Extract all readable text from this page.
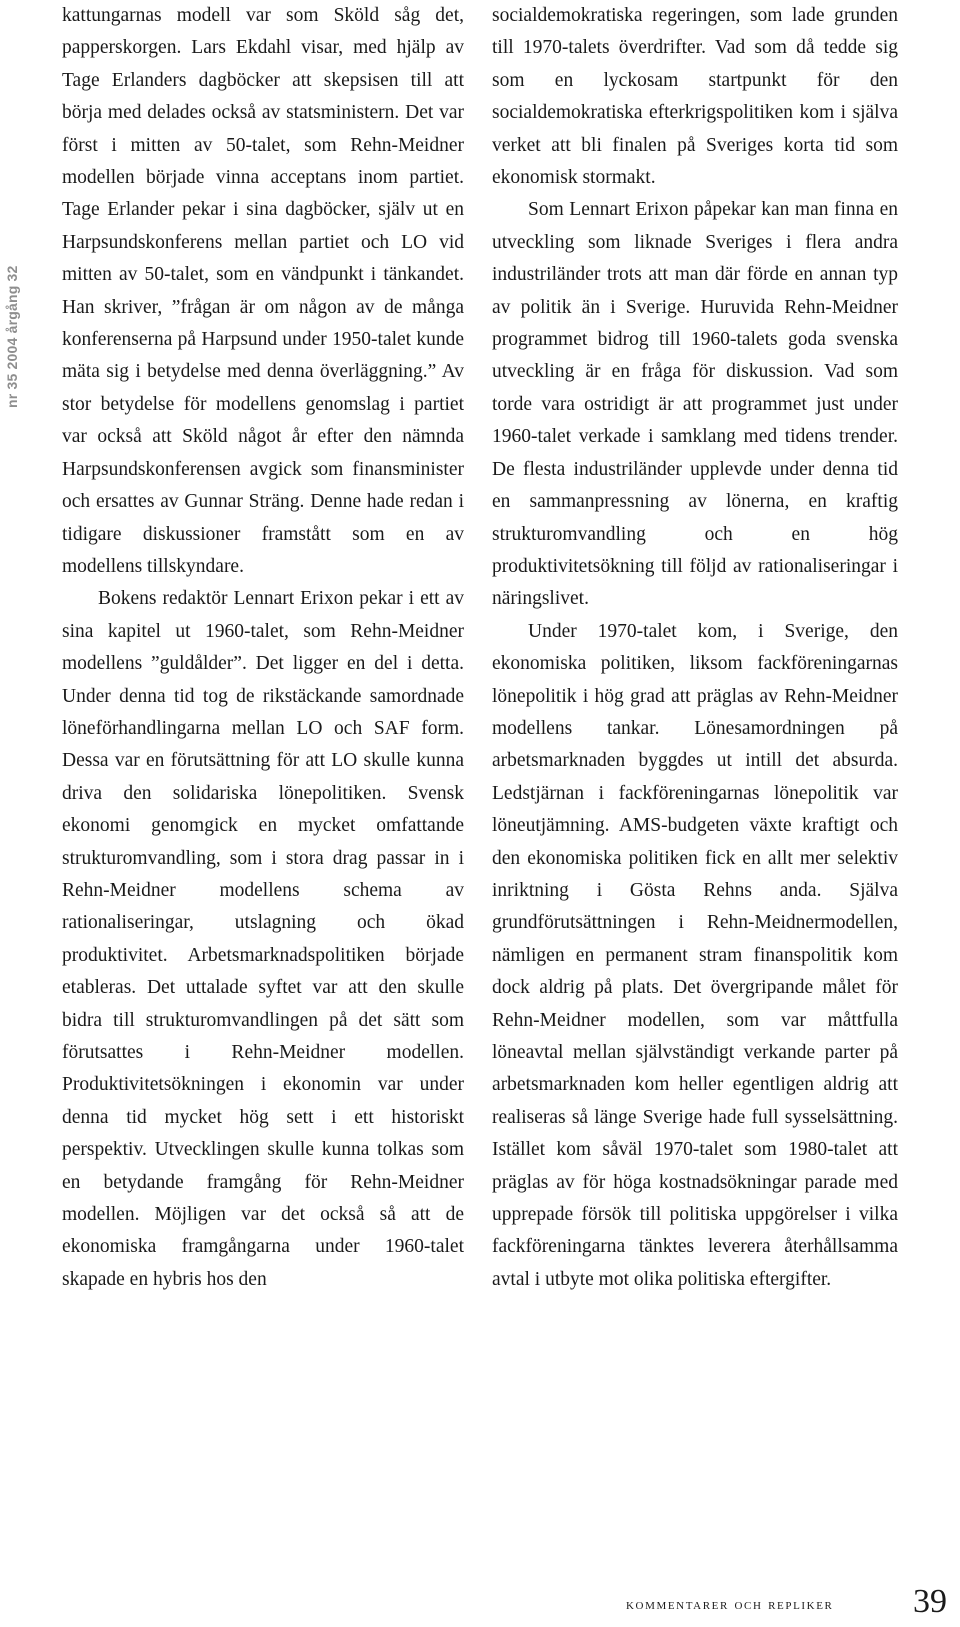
nr 35 2004 årgång 32

kattungarnas modell var som Sköld såg det, papperskorgen. Lars Ekdahl visar, med hjälp av Tage Erlanders dagböcker att skepsisen till att börja med delades också av statsministern. Det var först i mitten av 50-talet, som Rehn-Meidner modellen började vinna acceptans inom partiet. Tage Erlander pekar i sina dagböcker, själv ut en Harpsundskonferens mellan partiet och LO vid mitten av 50-talet, som en vändpunkt i tänkandet. Han skriver, ”frågan är om någon av de många konferenserna på Harpsund under 1950-talet kunde mäta sig i betydelse med denna överläggning.” Av stor betydelse för modellens genomslag i partiet var också att Sköld något år efter den nämnda Harpsundskonferensen avgick som finansminister och ersattes av Gunnar Sträng. Denne hade redan i tidigare diskussioner framstått som en av modellens tillskyndare.

Bokens redaktör Lennart Erixon pekar i ett av sina kapitel ut 1960-talet, som Rehn-Meidner modellens ”guldålder”. Det ligger en del i detta. Under denna tid tog de rikstäckande samordnade löneförhandlingarna mellan LO och SAF form. Dessa var en förutsättning för att LO skulle kunna driva den solidariska lönepolitiken. Svensk ekonomi genomgick en mycket omfattande strukturomvandling, som i stora drag passar in i Rehn-Meidner modellens schema av rationaliseringar, utslagning och ökad produktivitet. Arbetsmarknadspolitiken började etableras. Det uttalade syftet var att den skulle bidra till strukturomvandlingen på det sätt som förutsattes i Rehn-Meidner modellen. Produktivitetsökningen i ekonomin var under denna tid mycket hög sett i ett historiskt perspektiv. Utvecklingen skulle kunna tolkas som en betydande framgång för Rehn-Meidner modellen. Möjligen var det också så att de ekonomiska framgångarna under 1960-talet skapade en hybris hos den

socialdemokratiska regeringen, som lade grunden till 1970-talets överdrifter. Vad som då tedde sig som en lyckosam startpunkt för den socialdemokratiska efterkrigspolitiken kom i själva verket att bli finalen på Sveriges korta tid som ekonomisk stormakt.

Som Lennart Erixon påpekar kan man finna en utveckling som liknade Sveriges i flera andra industriländer trots att man där förde en annan typ av politik än i Sverige. Huruvida Rehn-Meidner programmet bidrog till 1960-talets goda svenska utveckling är en fråga för diskussion. Vad som torde vara ostridigt är att programmet just under 1960-talet verkade i samklang med tidens trender. De flesta industriländer upplevde under denna tid en sammanpressning av lönerna, en kraftig strukturomvandling och en hög produktivitetsökning till följd av rationaliseringar i näringslivet.

Under 1970-talet kom, i Sverige, den ekonomiska politiken, liksom fackföreningarnas lönepolitik i hög grad att präglas av Rehn-Meidner modellens tankar. Lönesamordningen på arbetsmarknaden byggdes ut intill det absurda. Ledstjärnan i fackföreningarnas lönepolitik var löneutjämning. AMS-budgeten växte kraftigt och den ekonomiska politiken fick en allt mer selektiv inriktning i Gösta Rehns anda. Själva grundförutsättningen i Rehn-Meidnermodellen, nämligen en permanent stram finanspolitik kom dock aldrig på plats. Det övergripande målet för Rehn-Meidner modellen, som var måttfulla löneavtal mellan självständigt verkande parter på arbetsmarknaden kom heller egentligen aldrig att realiseras så länge Sverige hade full sysselsättning. Istället kom såväl 1970-talet som 1980-talet att präglas av för höga kostnadsökningar parade med upprepade försök till politiska uppgörelser i vilka fackföreningarna tänktes leverera återhållsamma avtal i utbyte mot olika politiska eftergifter.

kommentarer och repliker 39
